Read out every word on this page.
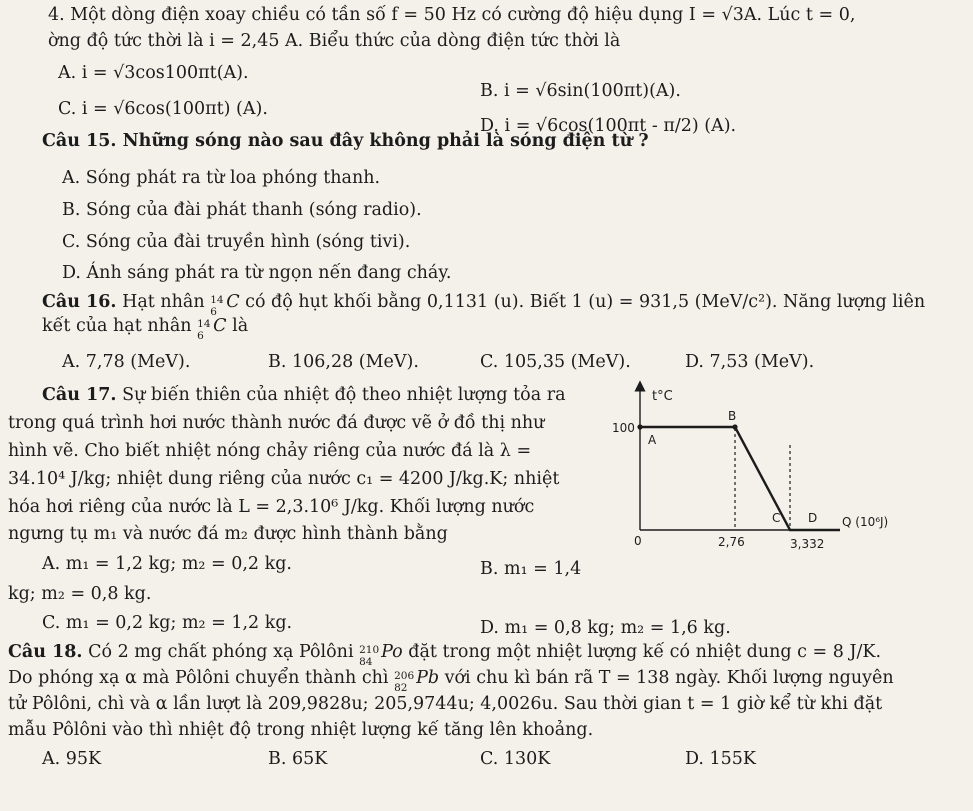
4. Một dòng điện xoay chiều có tần số f = 50 Hz có cường độ hiệu dụng I = √3A. Lúc t = 0,
ờng độ tức thời là i = 2,45 A. Biểu thức của dòng điện tức thời là
A. i = √3cos100πt(A).
B. i = √6sin(100πt)(A).
C. i = √6cos(100πt) (A).
D. i = √6cos(100πt - π/2) (A).
Câu 15. Những sóng nào sau đây không phải là sóng điện từ ?
A. Sóng phát ra từ loa phóng thanh.
B. Sóng của đài phát thanh (sóng radio).
C. Sóng của đài truyền hình (sóng tivi).
D. Ánh sáng phát ra từ ngọn nến đang cháy.
Câu 16. Hạt nhân 14
6 C có độ hụt khối bằng 0,1131 (u). Biết 1 (u) = 931,5 (MeV/c²). Năng lượng liên
kết của hạt nhân 14
6 C là
A. 7,78 (MeV).	B. 106,28 (MeV).	C. 105,35 (MeV).	D. 7,53 (MeV).
Câu 17. Sự biến thiên của nhiệt độ theo nhiệt lượng tỏa ra
trong quá trình hơi nước thành nước đá được vẽ ở đồ thị như
hình vẽ. Cho biết nhiệt nóng chảy riêng của nước đá là λ =
34.10⁴ J/kg; nhiệt dung riêng của nước c₁ = 4200 J/kg.K; nhiệt
hóa hơi riêng của nước là L = 2,3.10⁶ J/kg. Khối lượng nước
ngưng tụ m₁ và nước đá m₂ được hình thành bằng
A. m₁ = 1,2 kg; m₂ = 0,2 kg.	B. m₁ = 1,4
kg; m₂ = 0,8 kg.
C. m₁ = 0,2 kg; m₂ = 1,2 kg.	D. m₁ = 0,8 kg; m₂ = 1,6 kg.
t°C
100
A
B
C D Q (10⁶J)
0	2,76	3,332
Câu 18. Có 2 mg chất phóng xạ Pôlôni 210
84 Po đặt trong một nhiệt lượng kế có nhiệt dung c = 8 J/K.
Do phóng xạ α mà Pôlôni chuyển thành chì 206
82 Pb với chu kì bán rã T = 138 ngày. Khối lượng nguyên
tử Pôlôni, chì và α lần lượt là 209,9828u; 205,9744u; 4,0026u. Sau thời gian t = 1 giờ kể từ khi đặt
mẫu Pôlôni vào thì nhiệt độ trong nhiệt lượng kế tăng lên khoảng.
A. 95K	B. 65K	C. 130K	D. 155K
